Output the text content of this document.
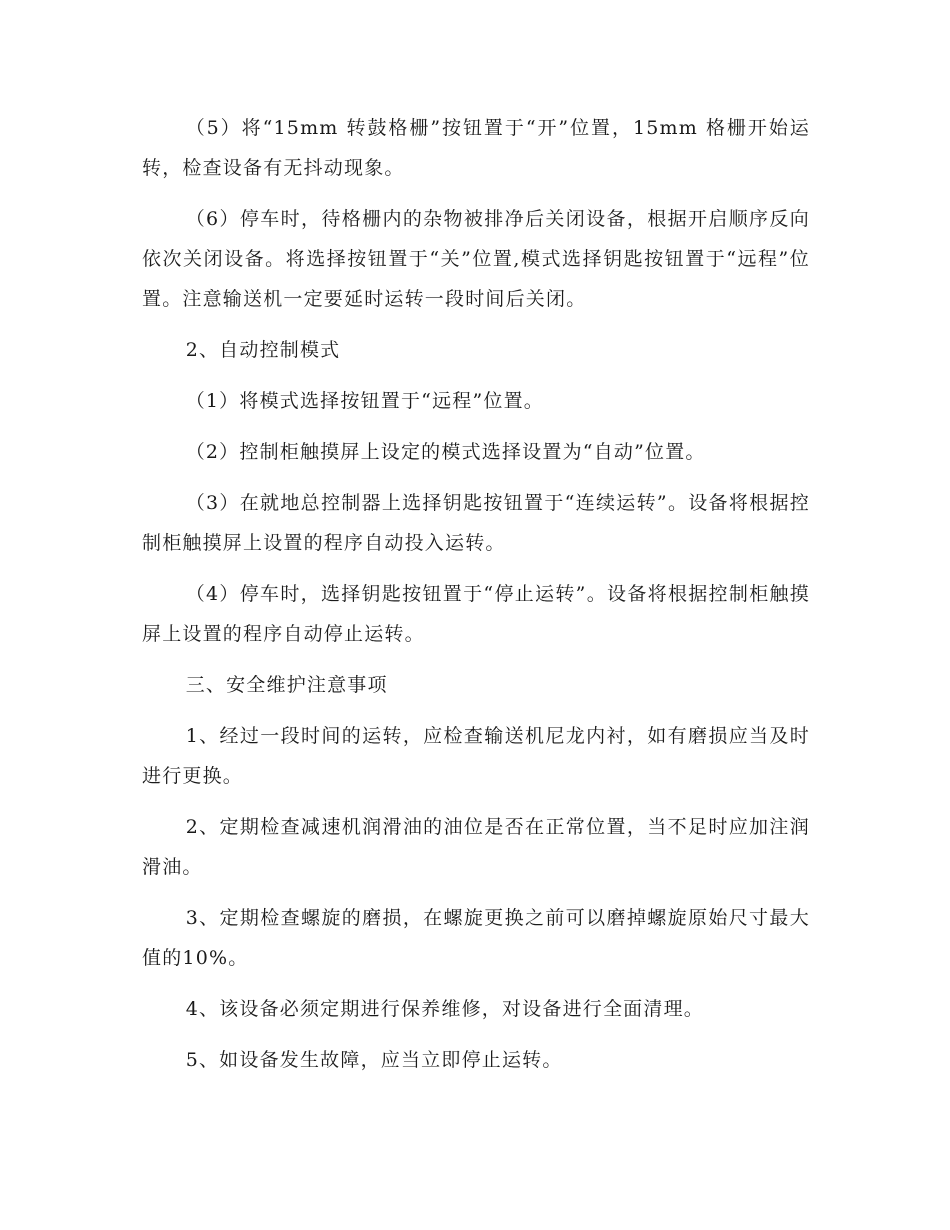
（5）将“15mm 转鼓格栅”按钮置于“开”位置，15mm 格栅开始运转，检查设备有无抖动现象。

（6）停车时，待格栅内的杂物被排净后关闭设备，根据开启顺序反向依次关闭设备。将选择按钮置于“关”位置,模式选择钥匙按钮置于“远程”位置。注意输送机一定要延时运转一段时间后关闭。

2、自动控制模式

（1）将模式选择按钮置于“远程”位置。

（2）控制柜触摸屏上设定的模式选择设置为“自动”位置。

（3）在就地总控制器上选择钥匙按钮置于“连续运转”。设备将根据控制柜触摸屏上设置的程序自动投入运转。

（4）停车时，选择钥匙按钮置于“停止运转”。设备将根据控制柜触摸屏上设置的程序自动停止运转。

三、安全维护注意事项

1、经过一段时间的运转，应检查输送机尼龙内衬，如有磨损应当及时进行更换。

2、定期检查减速机润滑油的油位是否在正常位置，当不足时应加注润滑油。

3、定期检查螺旋的磨损，在螺旋更换之前可以磨掉螺旋原始尺寸最大值的10%。

4、该设备必须定期进行保养维修，对设备进行全面清理。

5、如设备发生故障，应当立即停止运转。
